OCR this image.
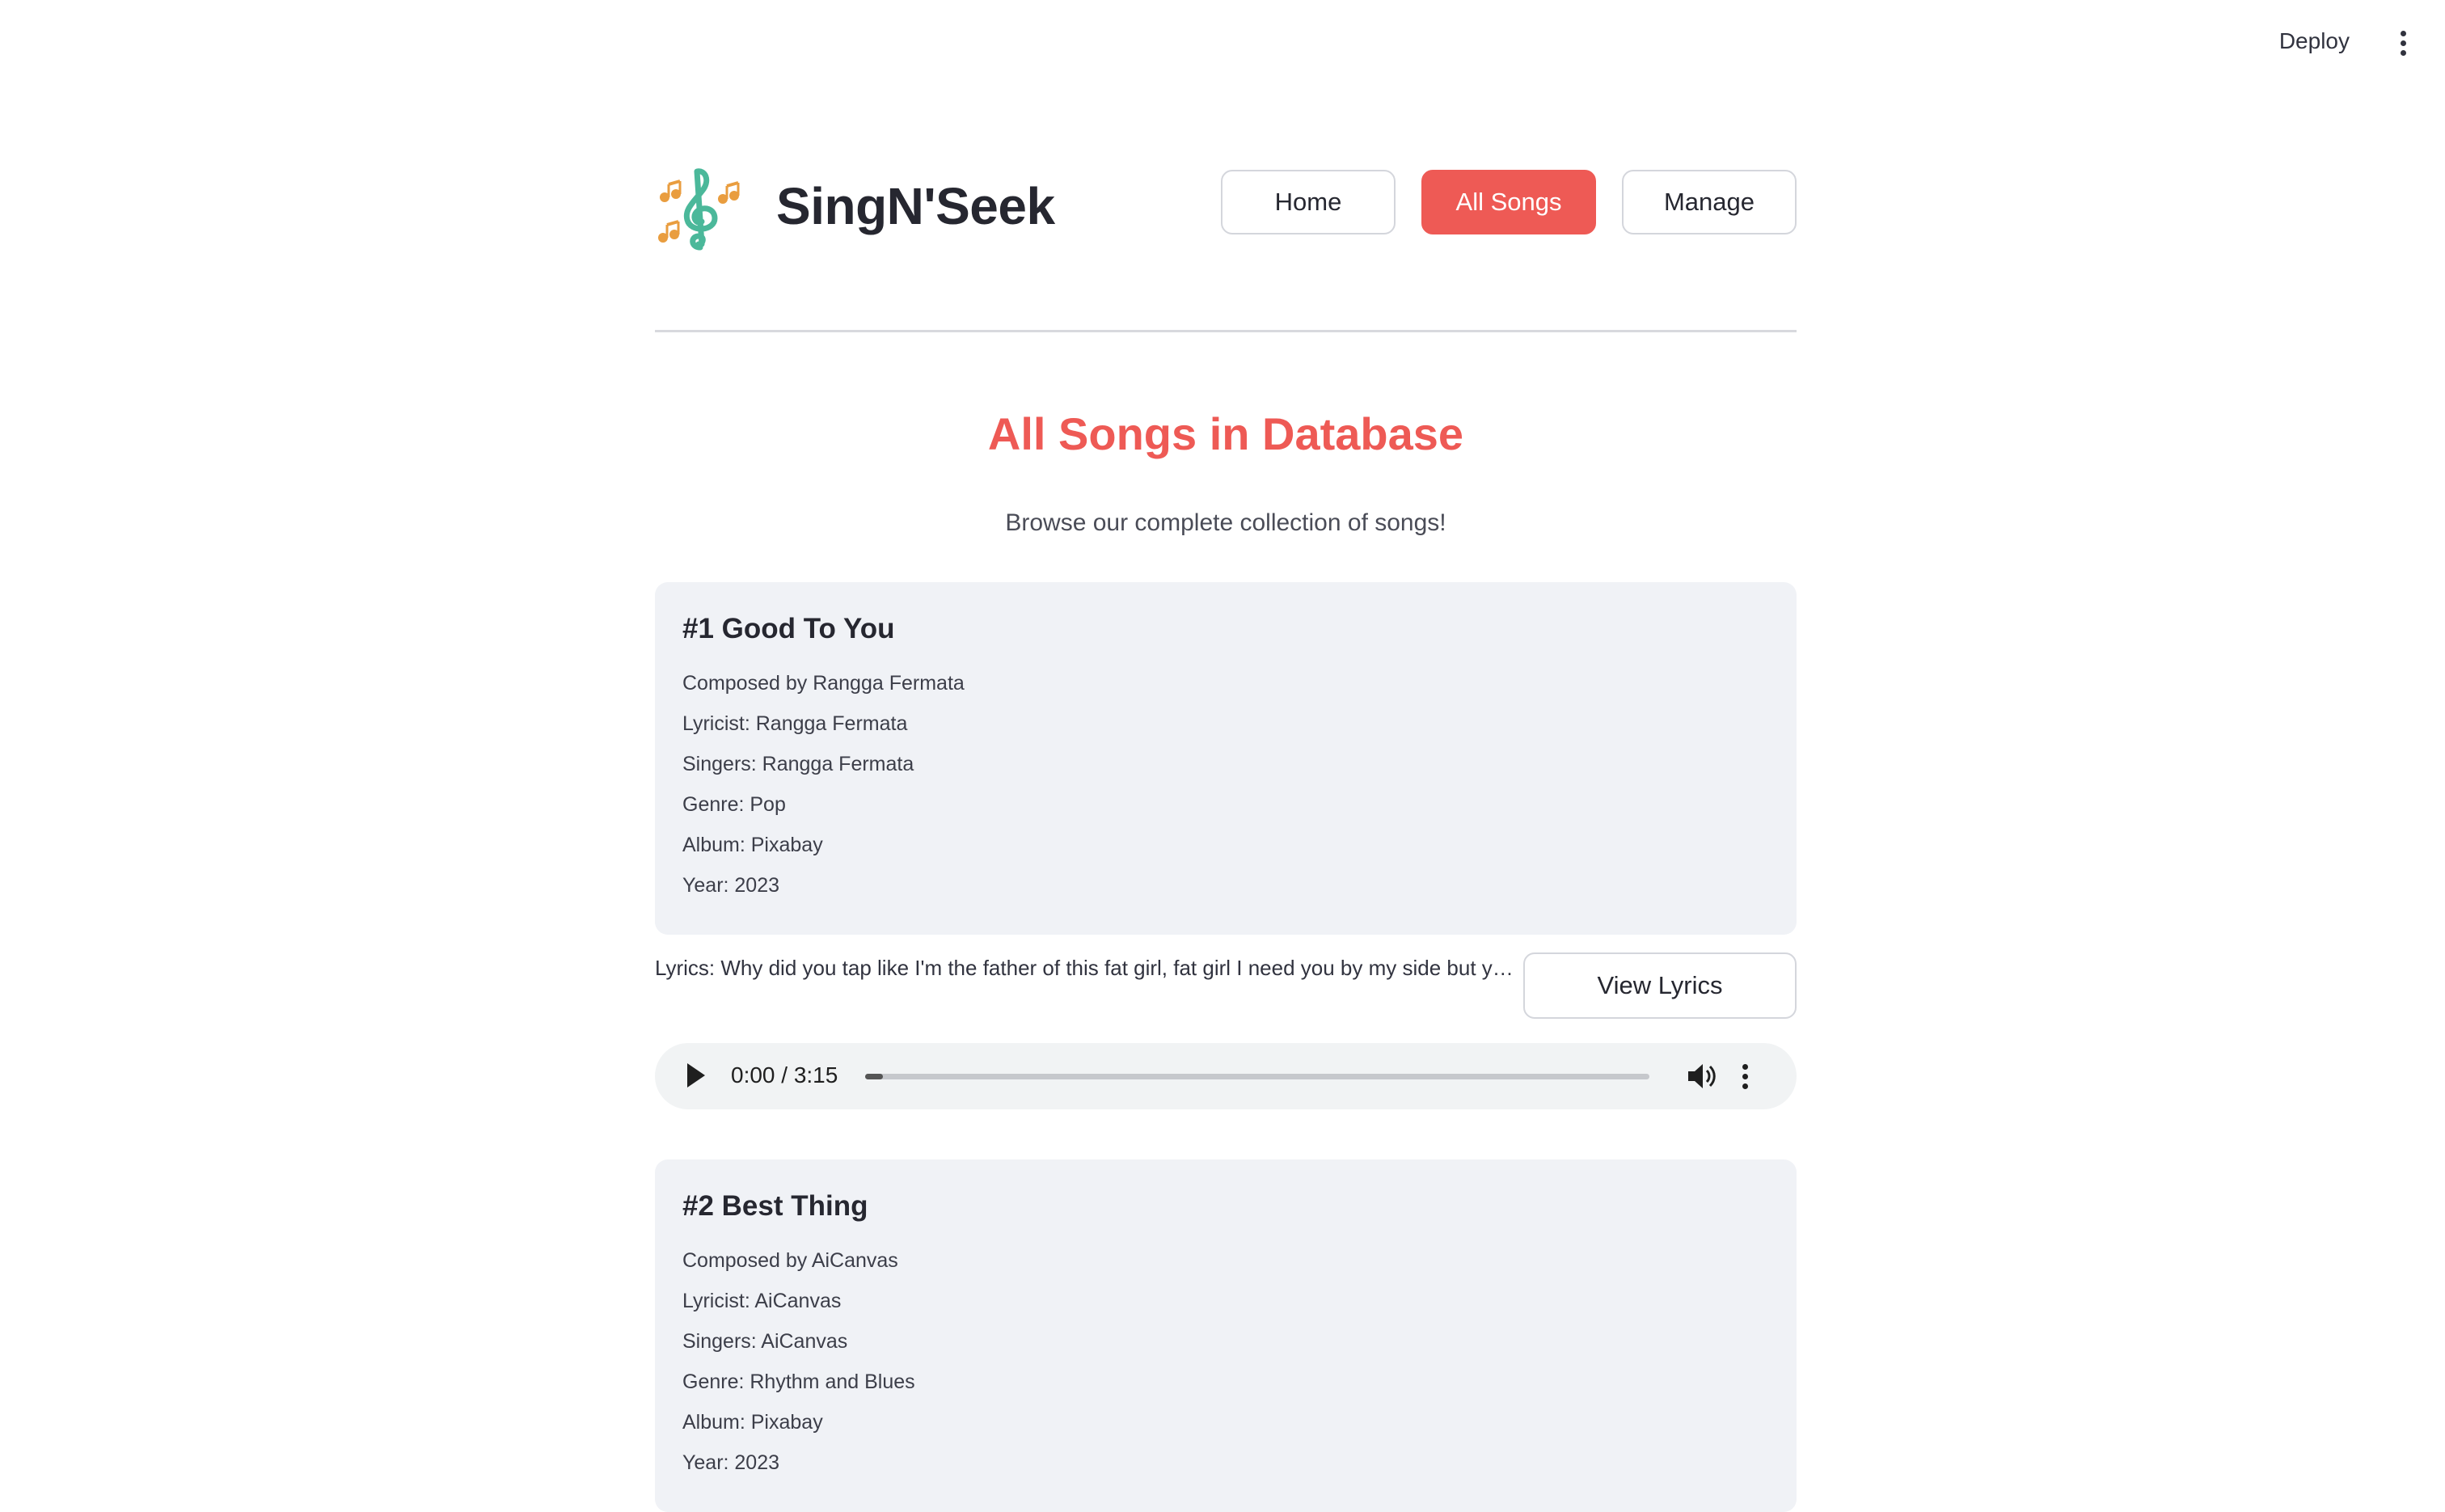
Deploy
SingN'Seek	Home	All Songs	Manage
All Songs in Database
Browse our complete collection of songs!
#1 Good To You
Composed by Rangga Fermata
Lyricist: Rangga Fermata
Singers: Rangga Fermata
Genre: Pop
Album: Pixabay
Year: 2023
Lyrics: Why did you tap like I'm the father of this fat girl, fat girl I need you by my side but y…
View Lyrics
0:00 / 3:15
#2 Best Thing
Composed by AiCanvas
Lyricist: AiCanvas
Singers: AiCanvas
Genre: Rhythm and Blues
Album: Pixabay
Year: 2023
